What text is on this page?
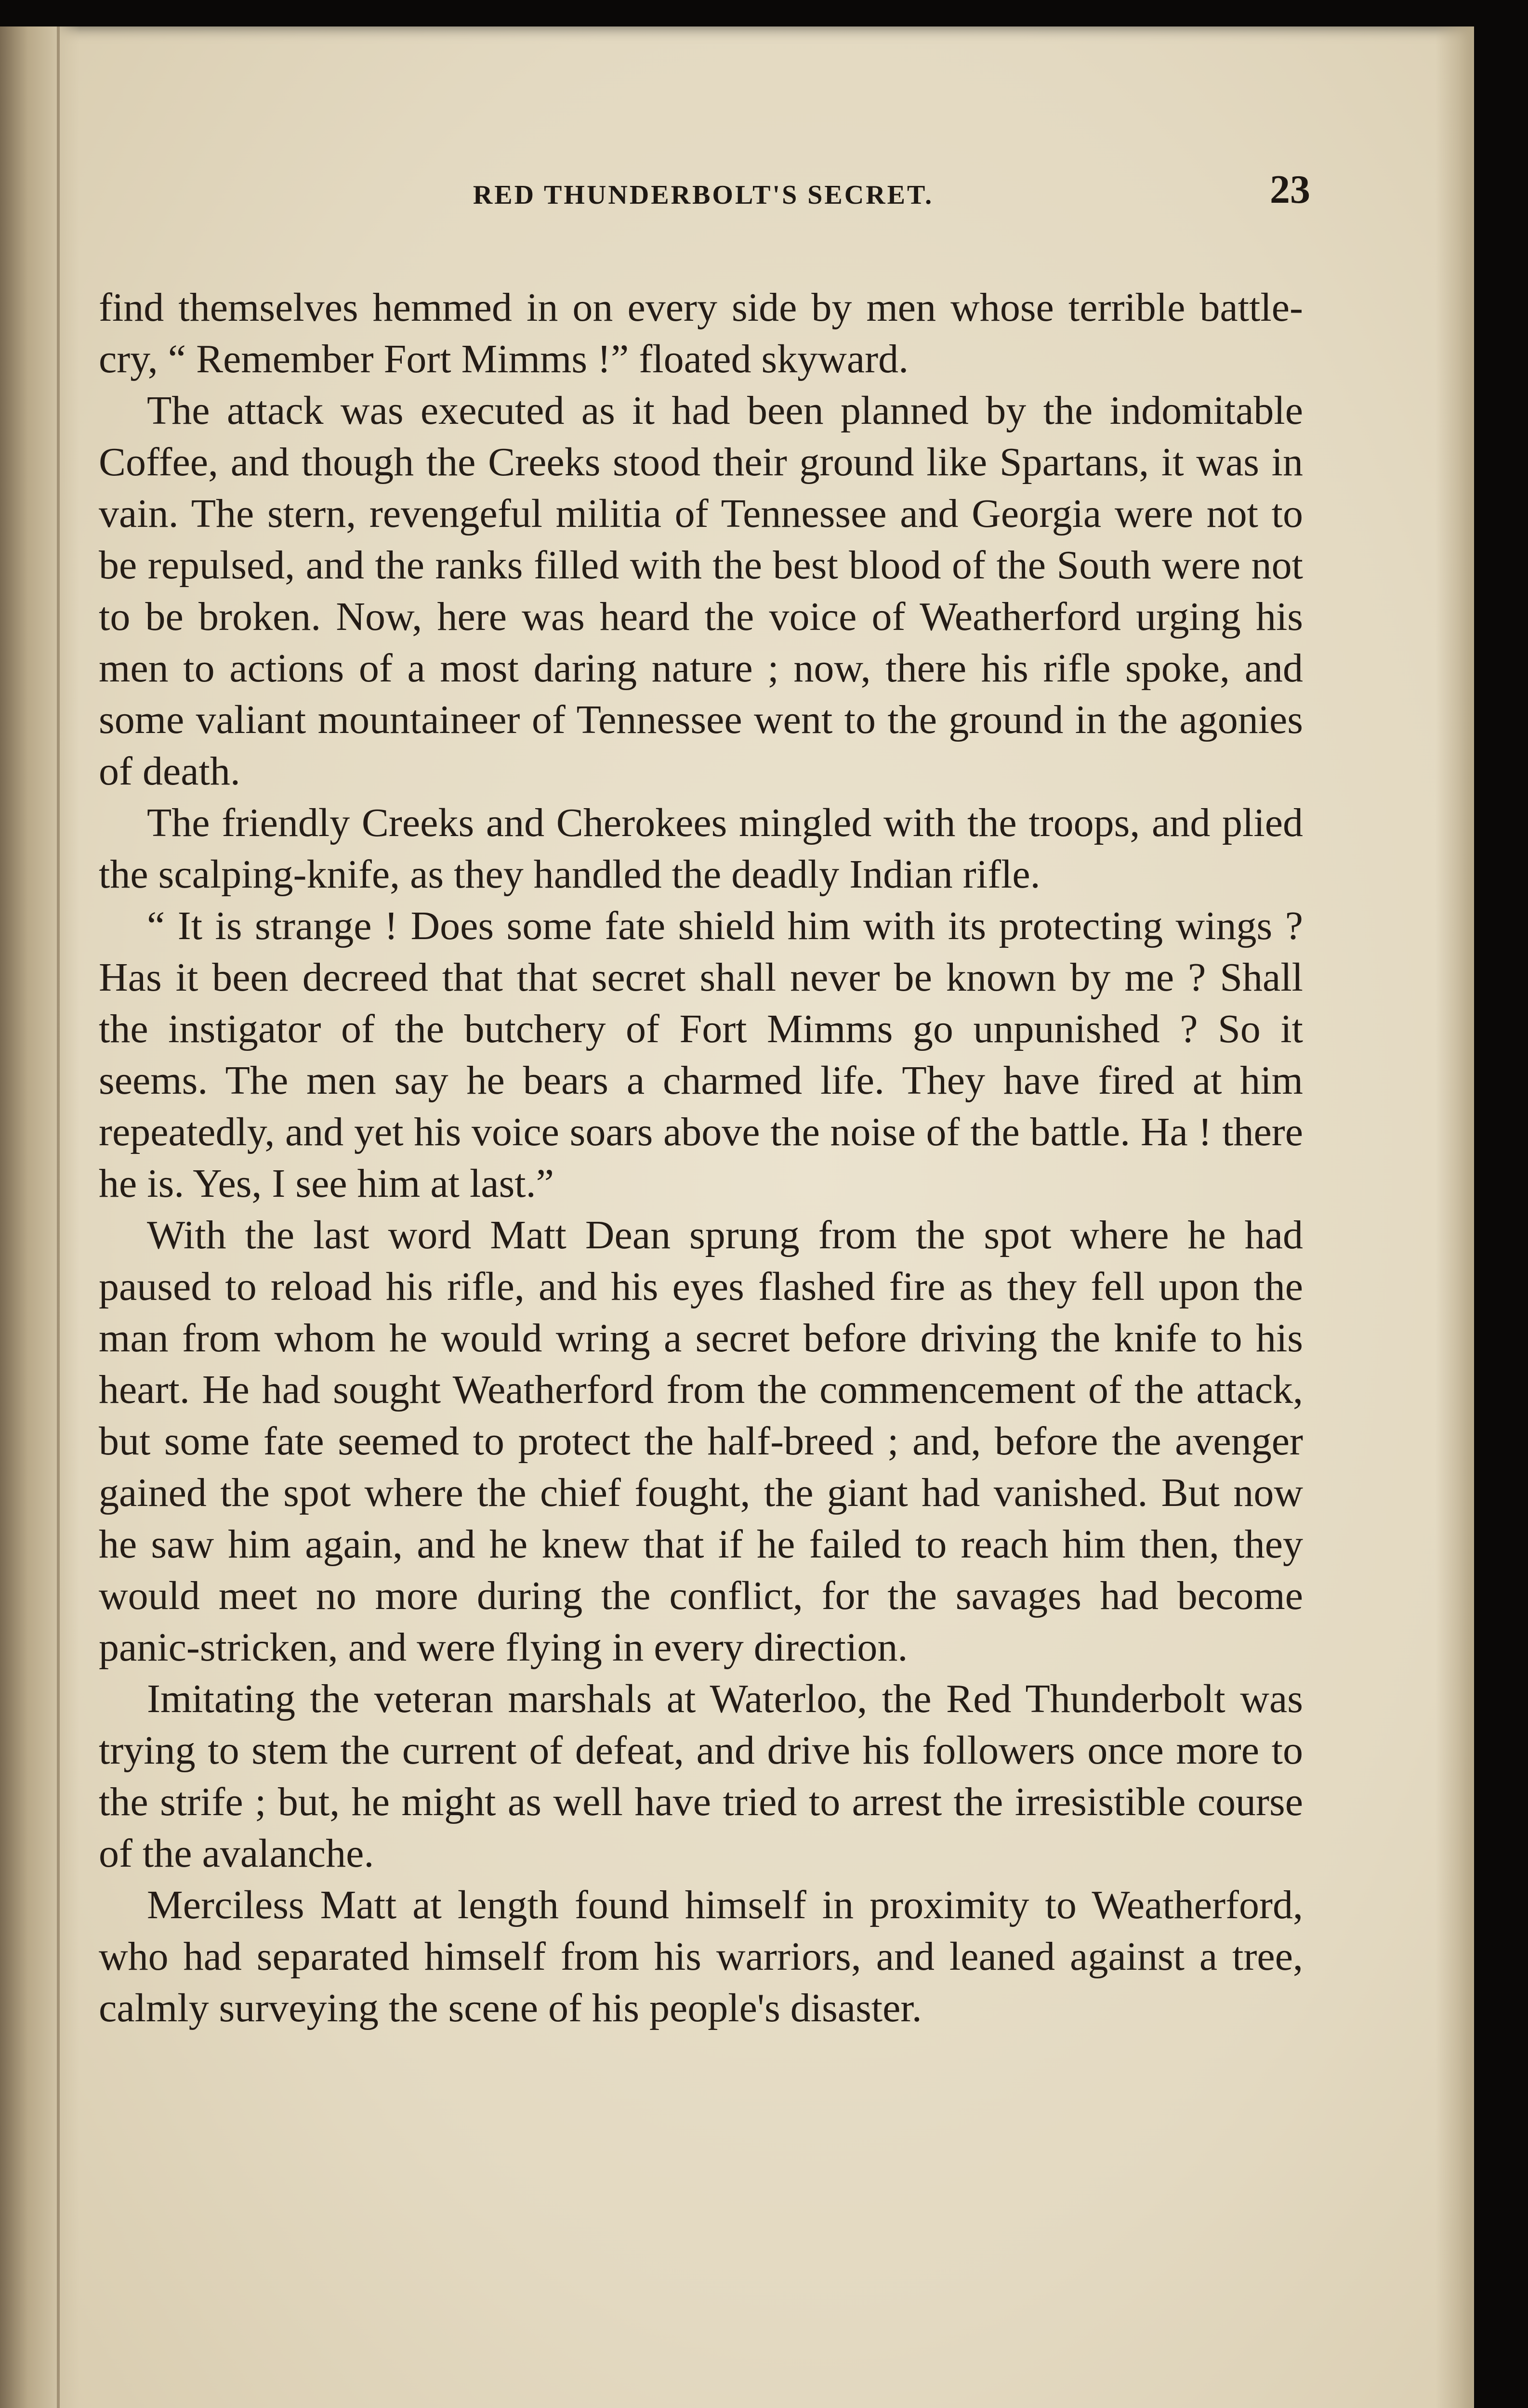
RED THUNDERBOLT'S SECRET.	23

find themselves hemmed in on every side by men whose terrible battle-cry, “ Remember Fort Mimms !” floated skyward.

The attack was executed as it had been planned by the indomitable Coffee, and though the Creeks stood their ground like Spartans, it was in vain. The stern, revengeful militia of Tennessee and Georgia were not to be repulsed, and the ranks filled with the best blood of the South were not to be broken. Now, here was heard the voice of Weatherford urging his men to actions of a most daring nature ; now, there his rifle spoke, and some valiant mountaineer of Tennessee went to the ground in the agonies of death.

The friendly Creeks and Cherokees mingled with the troops, and plied the scalping-knife, as they handled the deadly Indian rifle.

“ It is strange ! Does some fate shield him with its protecting wings ? Has it been decreed that that secret shall never be known by me ? Shall the instigator of the butchery of Fort Mimms go unpunished ? So it seems. The men say he bears a charmed life. They have fired at him repeatedly, and yet his voice soars above the noise of the battle. Ha ! there he is. Yes, I see him at last.”

With the last word Matt Dean sprung from the spot where he had paused to reload his rifle, and his eyes flashed fire as they fell upon the man from whom he would wring a secret before driving the knife to his heart. He had sought Weatherford from the commencement of the attack, but some fate seemed to protect the half-breed ; and, before the avenger gained the spot where the chief fought, the giant had vanished. But now he saw him again, and he knew that if he failed to reach him then, they would meet no more during the conflict, for the savages had become panic-stricken, and were flying in every direction.

Imitating the veteran marshals at Waterloo, the Red Thunderbolt was trying to stem the current of defeat, and drive his followers once more to the strife ; but, he might as well have tried to arrest the irresistible course of the avalanche.

Merciless Matt at length found himself in proximity to Weatherford, who had separated himself from his warriors, and leaned against a tree, calmly surveying the scene of his people's disaster.
